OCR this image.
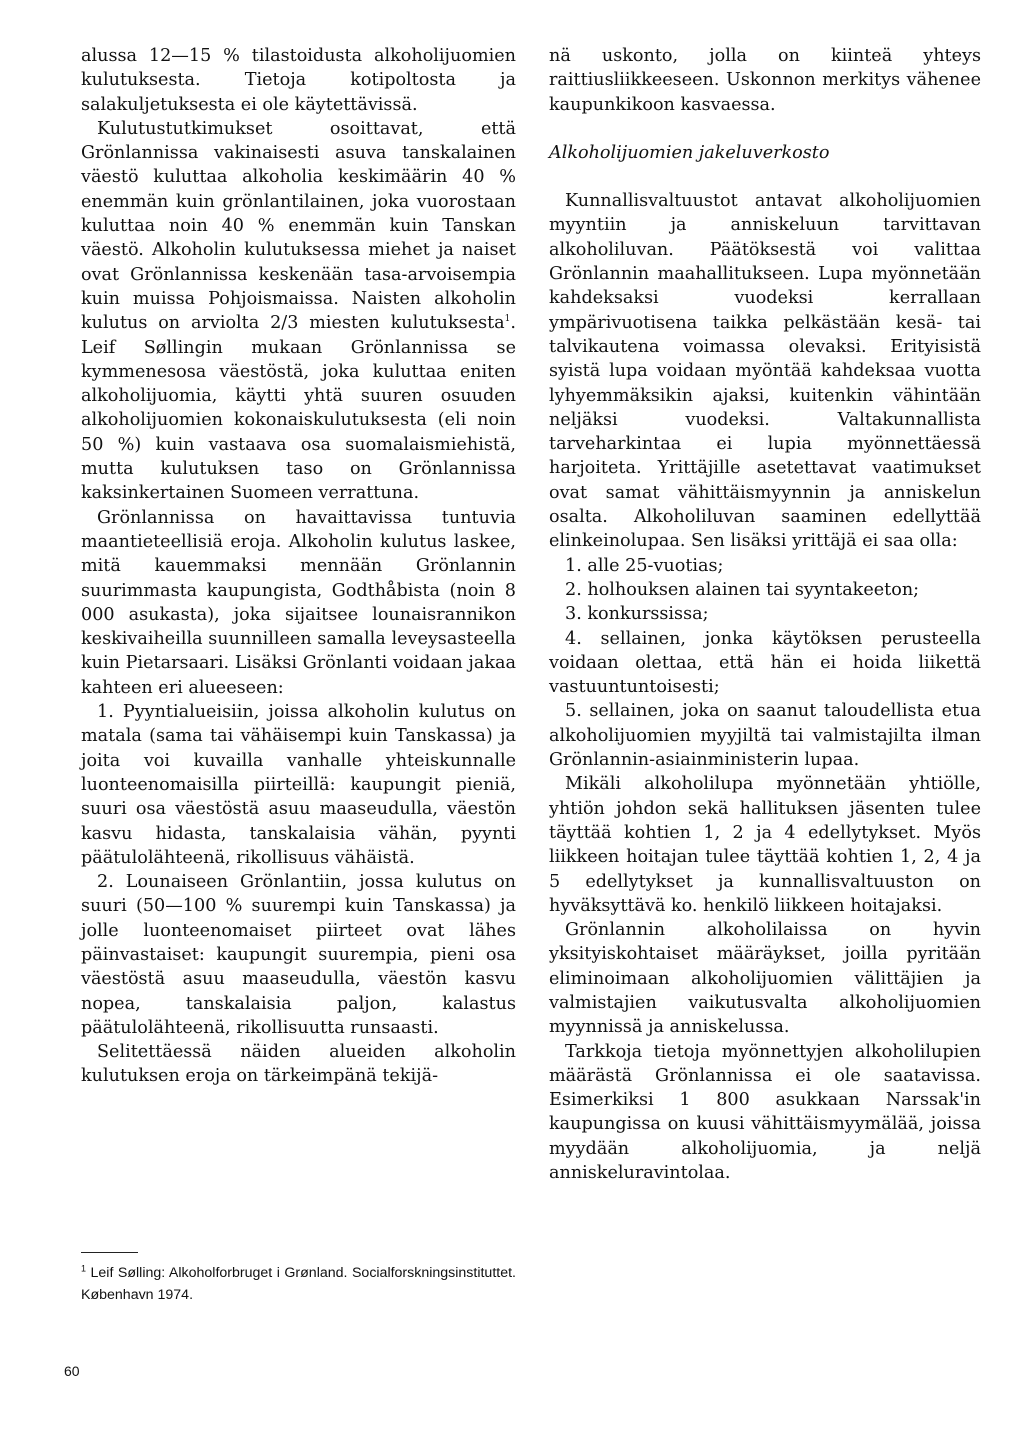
alussa 12—15 % tilastoidusta alkoholijuomien kulutuksesta. Tietoja kotipoltosta ja salakuljetuksesta ei ole käytettävissä.

Kulutustutkimukset osoittavat, että Grönlannissa vakinaisesti asuva tanskalainen väestö kuluttaa alkoholia keskimäärin 40 % enemmän kuin grönlantilainen, joka vuorostaan kuluttaa noin 40 % enemmän kuin Tanskan väestö. Alkoholin kulutuksessa miehet ja naiset ovat Grönlannissa keskenään tasa-arvoisempia kuin muissa Pohjoismaissa. Naisten alkoholin kulutus on arviolta 2/3 miesten kulutuksesta$^1$. Leif Søllingin mukaan Grönlannissa se kymmenesosa väestöstä, joka kuluttaa eniten alkoholijuomia, käytti yhtä suuren osuuden alkoholijuomien kokonaiskulutuksesta (eli noin 50 %) kuin vastaava osa suomalaismiehistä, mutta kulutuksen taso on Grönlannissa kaksinkertainen Suomeen verrattuna.

Grönlannissa on havaittavissa tuntuvia maantieteellisiä eroja. Alkoholin kulutus laskee, mitä kauemmaksi mennään Grönlannin suurimmasta kaupungista, Godthåbista (noin 8 000 asukasta), joka sijaitsee lounaisrannikon keskivaiheilla suunnilleen samalla leveysasteella kuin Pietarsaari. Lisäksi Grönlanti voidaan jakaa kahteen eri alueeseen:

1. Pyyntialueisiin, joissa alkoholin kulutus on matala (sama tai vähäisempi kuin Tanskassa) ja joita voi kuvailla vanhalle yhteiskunnalle luonteenomaisilla piirteillä: kaupungit pieniä, suuri osa väestöstä asuu maaseudulla, väestön kasvu hidasta, tanskalaisia vähän, pyynti päätulolähteenä, rikollisuus vähäistä.

2. Lounaiseen Grönlantiin, jossa kulutus on suuri (50—100 % suurempi kuin Tanskassa) ja jolle luonteenomaiset piirteet ovat lähes päinvastaiset: kaupungit suurempia, pieni osa väestöstä asuu maaseudulla, väestön kasvu nopea, tanskalaisia paljon, kalastus päätulolähteenä, rikollisuutta runsaasti.

Selitettäessä näiden alueiden alkoholin kulutuksen eroja on tärkeimpänä tekijä-

$^1$ Leif Sølling: Alkoholforbruget i Grønland. Socialforskningsinstituttet. København 1974.
60

nä uskonto, jolla on kiinteä yhteys raittiusliikkeeseen. Uskonnon merkitys vähenee kaupunkikoon kasvaessa.

Alkoholijuomien jakeluverkosto

Kunnallisvaltuustot antavat alkoholijuomien myyntiin ja anniskeluun tarvittavan alkoholiluvan. Päätöksestä voi valittaa Grönlannin maahallitukseen. Lupa myönnetään kahdeksaksi vuodeksi kerrallaan ympärivuotisena taikka pelkästään kesä- tai talvikautena voimassa olevaksi. Erityisistä syistä lupa voidaan myöntää kahdeksaa vuotta lyhyemmäksikin ajaksi, kuitenkin vähintään neljäksi vuodeksi. Valtakunnallista tarveharkintaa ei lupia myönnettäessä harjoiteta. Yrittäjille asetettavat vaatimukset ovat samat vähittäismyynnin ja anniskelun osalta. Alkoholiluvan saaminen edellyttää elinkeinolupaa. Sen lisäksi yrittäjä ei saa olla:

1. alle 25-vuotias;

2. holhouksen alainen tai syyntakeeton;

3. konkurssissa;

4. sellainen, jonka käytöksen perusteella voidaan olettaa, että hän ei hoida liikettä vastuuntuntoisesti;

5. sellainen, joka on saanut taloudellista etua alkoholijuomien myyjiltä tai valmistajilta ilman Grönlannin-asiainministerin lupaa.

Mikäli alkoholilupa myönnetään yhtiölle, yhtiön johdon sekä hallituksen jäsenten tulee täyttää kohtien 1, 2 ja 4 edellytykset. Myös liikkeen hoitajan tulee täyttää kohtien 1, 2, 4 ja 5 edellytykset ja kunnallisvaltuuston on hyväksyttävä ko. henkilö liikkeen hoitajaksi.

Grönlannin alkoholilaissa on hyvin yksityiskohtaiset määräykset, joilla pyritään eliminoimaan alkoholijuomien välittäjien ja valmistajien vaikutusvalta alkoholijuomien myynnissä ja anniskelussa.

Tarkkoja tietoja myönnettyjen alkoholilupien määrästä Grönlannissa ei ole saatavissa. Esimerkiksi 1 800 asukkaan Narssak'in kaupungissa on kuusi vähittäismyymälää, joissa myydään alkoholijuomia, ja neljä anniskeluravintolaa.
